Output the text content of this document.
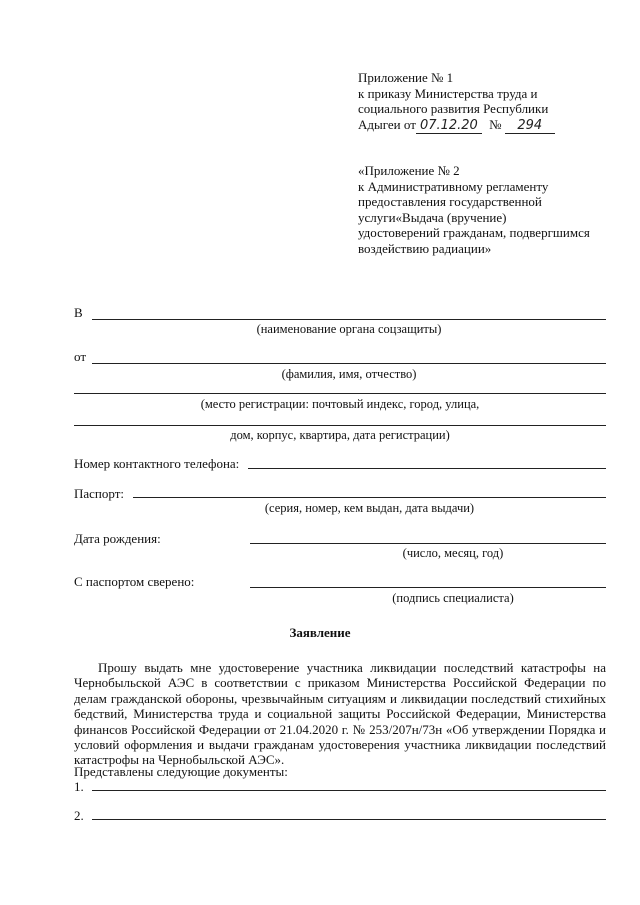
Приложение № 1
к приказу Министерства труда и
социального развития Республики
Адыгеи от 07.12.20 № 294
«Приложение № 2
к Административному регламенту
предоставления государственной
услуги«Выдача (вручение)
удостоверений гражданам, подвергшимся
воздействию радиации»
В
(наименование органа соцзащиты)
от
(фамилия, имя, отчество)
(место регистрации: почтовый индекс, город, улица,
дом, корпус, квартира, дата регистрации)
Номер контактного телефона:
Паспорт:
(серия, номер, кем выдан, дата выдачи)
Дата рождения:
(число, месяц, год)
С паспортом сверено:
(подпись специалиста)
Заявление

Прошу выдать мне удостоверение участника ликвидации последствий катастрофы на Чернобыльской АЭС в соответствии с приказом Министерства Российской Федерации по делам гражданской обороны, чрезвычайным ситуациям и ликвидации последствий стихийных бедствий, Министерства труда и социальной защиты Российской Федерации, Министерства финансов Российской Федерации от 21.04.2020 г. № 253/207н/73н «Об утверждении Порядка и условий оформления и выдачи гражданам удостоверения участника ликвидации последствий катастрофы на Чернобыльской АЭС».

Представлены следующие документы:
1.
2.
